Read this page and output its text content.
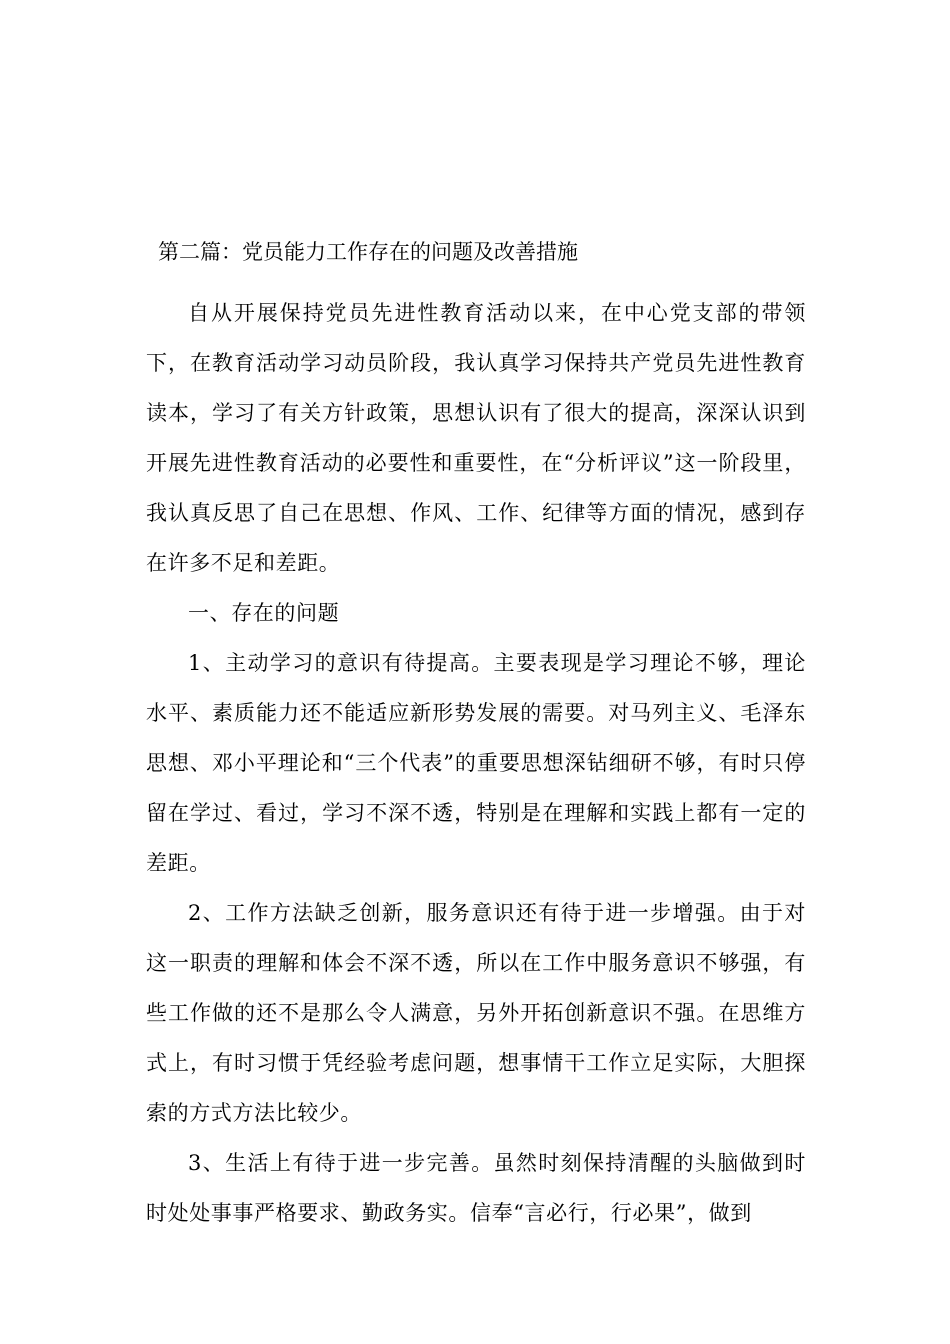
第二篇：党员能力工作存在的问题及改善措施

自从开展保持党员先进性教育活动以来，在中心党支部的带领下，在教育活动学习动员阶段，我认真学习保持共产党员先进性教育读本，学习了有关方针政策，思想认识有了很大的提高，深深认识到开展先进性教育活动的必要性和重要性，在“分析评议”这一阶段里，我认真反思了自己在思想、作风、工作、纪律等方面的情况，感到存在许多不足和差距。

一、存在的问题

1、主动学习的意识有待提高。主要表现是学习理论不够，理论水平、素质能力还不能适应新形势发展的需要。对马列主义、毛泽东思想、邓小平理论和“三个代表”的重要思想深钻细研不够，有时只停留在学过、看过，学习不深不透，特别是在理解和实践上都有一定的差距。

2、工作方法缺乏创新，服务意识还有待于进一步增强。由于对这一职责的理解和体会不深不透，所以在工作中服务意识不够强，有些工作做的还不是那么令人满意，另外开拓创新意识不强。在思维方式上，有时习惯于凭经验考虑问题，想事情干工作立足实际，大胆探索的方式方法比较少。

3、生活上有待于进一步完善。虽然时刻保持清醒的头脑做到时时处处事事严格要求、勤政务实。信奉“言必行，行必果”，做到
